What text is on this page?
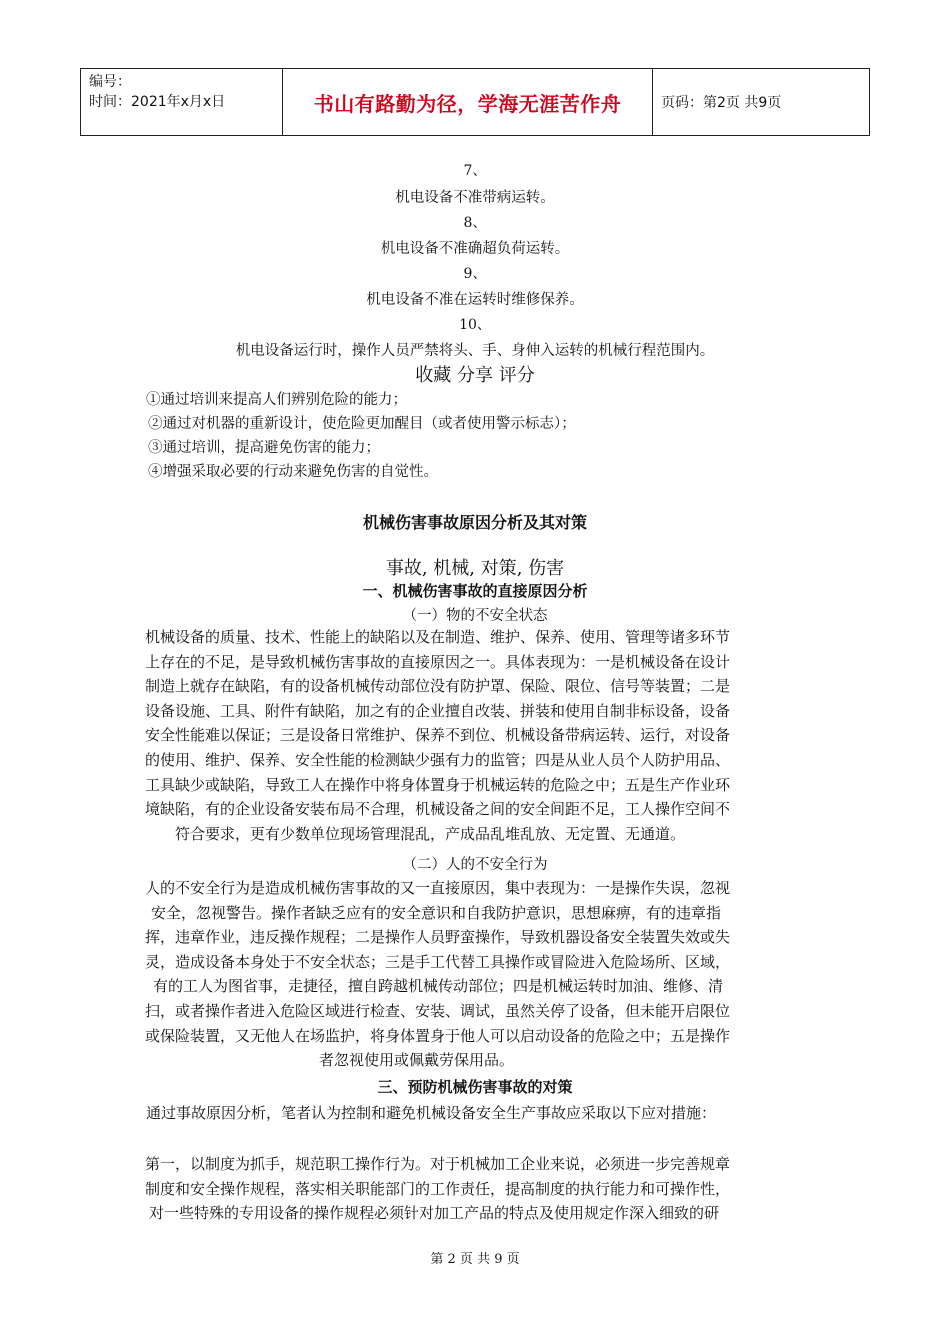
编号：
时间：2021年x月x日	书山有路勤为径，学海无涯苦作舟	页码：第2页 共9页
7、
机电设备不准带病运转。
8、
机电设备不准确超负荷运转。
9、
机电设备不准在运转时维修保养。
10、
机电设备运行时，操作人员严禁将头、手、身伸入运转的机械行程范围内。
收藏 分享 评分
①通过培训来提高人们辨别危险的能力；
②通过对机器的重新设计，使危险更加醒目（或者使用警示标志）；
③通过培训，提高避免伤害的能力；
④增强采取必要的行动来避免伤害的自觉性。
机械伤害事故原因分析及其对策
事故, 机械, 对策, 伤害
一、机械伤害事故的直接原因分析
（一）物的不安全状态
机械设备的质量、技术、性能上的缺陷以及在制造、维护、保养、使用、管理等诸多环节
上存在的不足，是导致机械伤害事故的直接原因之一。具体表现为：一是机械设备在设计
制造上就存在缺陷，有的设备机械传动部位没有防护罩、保险、限位、信号等装置；二是
设备设施、工具、附件有缺陷，加之有的企业擅自改装、拼装和使用自制非标设备，设备
安全性能难以保证；三是设备日常维护、保养不到位、机械设备带病运转、运行，对设备
的使用、维护、保养、安全性能的检测缺少强有力的监管；四是从业人员个人防护用品、
工具缺少或缺陷，导致工人在操作中将身体置身于机械运转的危险之中；五是生产作业环
境缺陷，有的企业设备安装布局不合理，机械设备之间的安全间距不足，工人操作空间不
符合要求，更有少数单位现场管理混乱，产成品乱堆乱放、无定置、无通道。
（二）人的不安全行为
人的不安全行为是造成机械伤害事故的又一直接原因，集中表现为：一是操作失误，忽视
安全，忽视警告。操作者缺乏应有的安全意识和自我防护意识，思想麻痹，有的违章指
挥，违章作业，违反操作规程；二是操作人员野蛮操作，导致机器设备安全装置失效或失
灵，造成设备本身处于不安全状态；三是手工代替工具操作或冒险进入危险场所、区域，
有的工人为图省事，走捷径，擅自跨越机械传动部位；四是机械运转时加油、维修、清
扫，或者操作者进入危险区域进行检查、安装、调试，虽然关停了设备，但未能开启限位
或保险装置，又无他人在场监护，将身体置身于他人可以启动设备的危险之中；五是操作
者忽视使用或佩戴劳保用品。
三、预防机械伤害事故的对策
通过事故原因分析，笔者认为控制和避免机械设备安全生产事故应采取以下应对措施：
第一，以制度为抓手，规范职工操作行为。对于机械加工企业来说，必须进一步完善规章
制度和安全操作规程，落实相关职能部门的工作责任，提高制度的执行能力和可操作性，
对一些特殊的专用设备的操作规程必须针对加工产品的特点及使用规定作深入细致的研
第 2 页 共 9 页
